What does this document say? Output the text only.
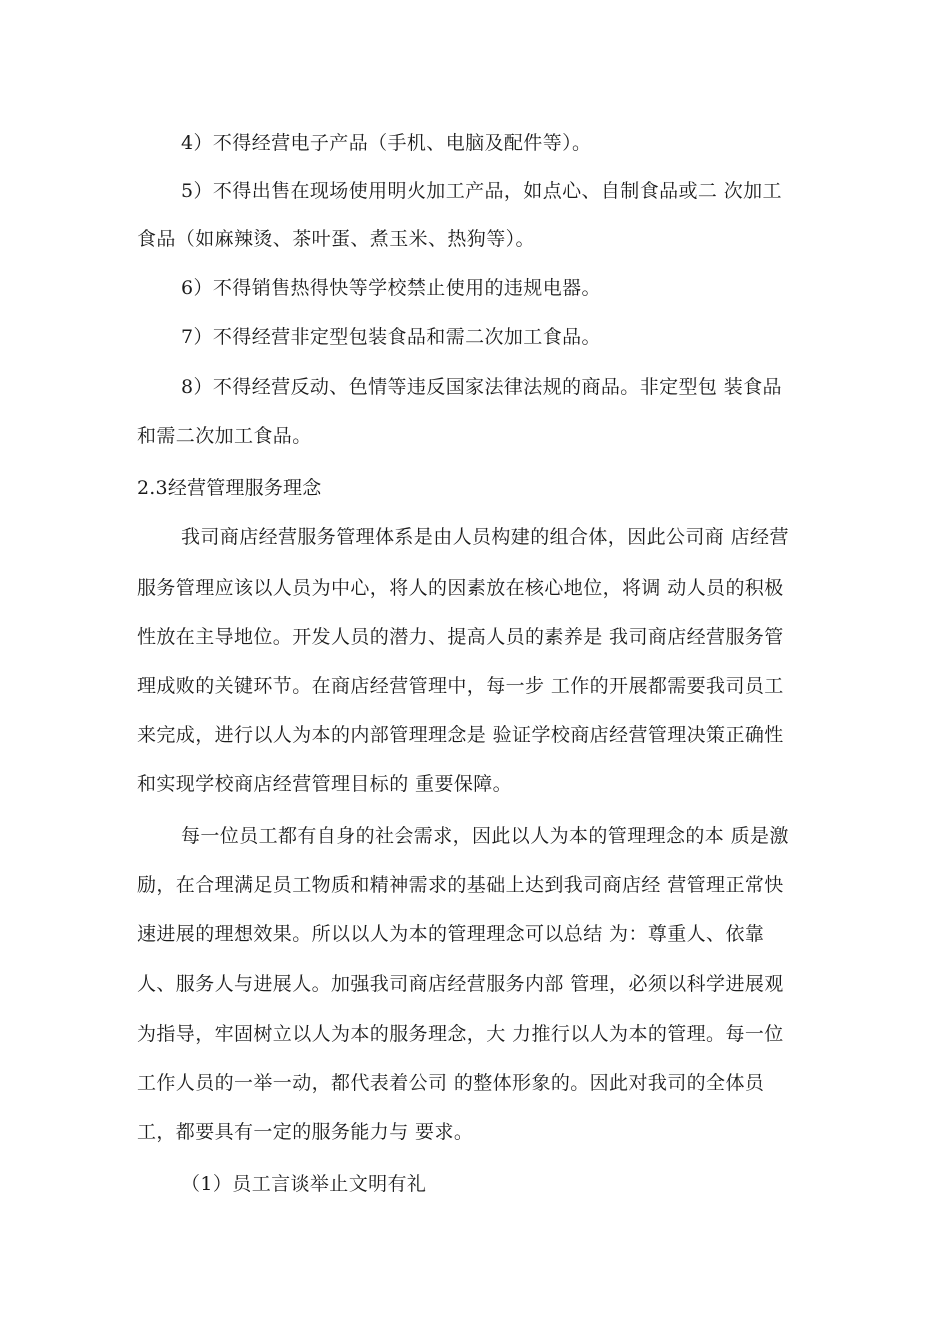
4）不得经营电子产品（手机、电脑及配件等）。
5）不得出售在现场使用明火加工产品，如点心、自制食品或二 次加工
食品（如麻辣烫、茶叶蛋、煮玉米、热狗等）。
6）不得销售热得快等学校禁止使用的违规电器。
7）不得经营非定型包装食品和需二次加工食品。
8）不得经营反动、色情等违反国家法律法规的商品。非定型包 装食品
和需二次加工食品。
2.3经营管理服务理念
我司商店经营服务管理体系是由人员构建的组合体，因此公司商 店经营
服务管理应该以人员为中心，将人的因素放在核心地位，将调 动人员的积极
性放在主导地位。开发人员的潜力、提高人员的素养是 我司商店经营服务管
理成败的关键环节。在商店经营管理中，每一步 工作的开展都需要我司员工
来完成，进行以人为本的内部管理理念是 验证学校商店经营管理决策正确性
和实现学校商店经营管理目标的 重要保障。
每一位员工都有自身的社会需求，因此以人为本的管理理念的本 质是激
励，在合理满足员工物质和精神需求的基础上达到我司商店经 营管理正常快
速进展的理想效果。所以以人为本的管理理念可以总结 为：尊重人、依靠
人、服务人与进展人。加强我司商店经营服务内部 管理，必须以科学进展观
为指导，牢固树立以人为本的服务理念，大 力推行以人为本的管理。每一位
工作人员的一举一动，都代表着公司 的整体形象的。因此对我司的全体员
工，都要具有一定的服务能力与 要求。
（1）员工言谈举止文明有礼
